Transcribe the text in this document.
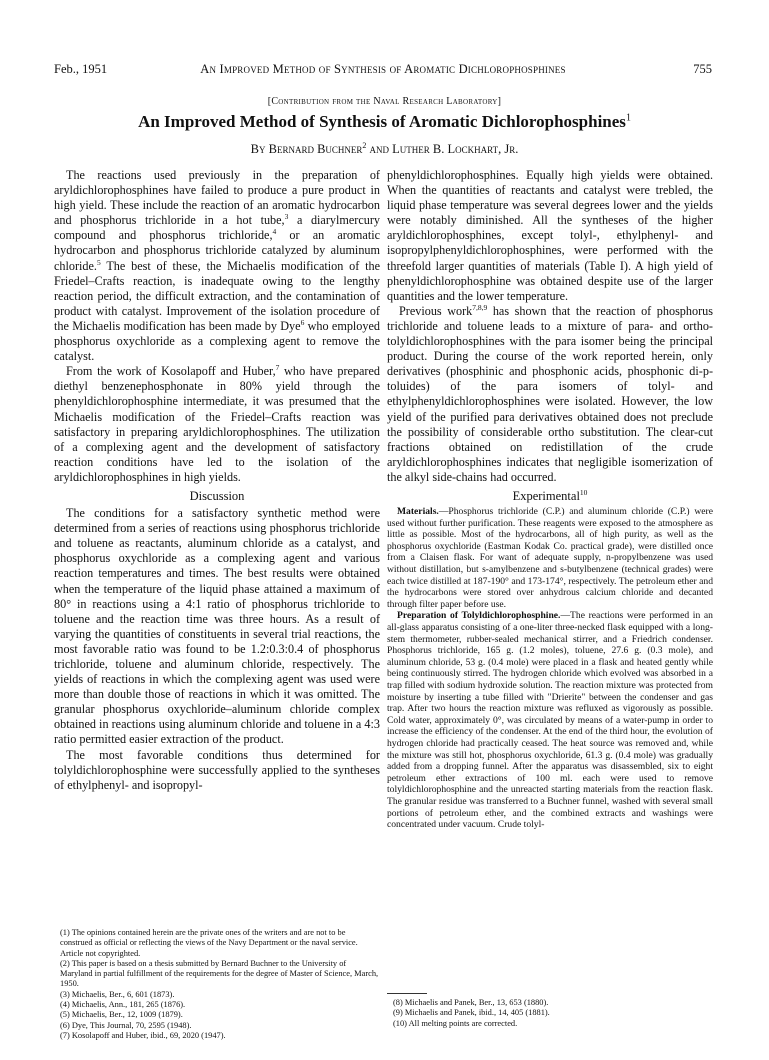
Feb., 1951	An Improved Method of Synthesis of Aromatic Dichlorophosphines	755
[Contribution from the Naval Research Laboratory]
An Improved Method of Synthesis of Aromatic Dichlorophosphines$^1$
By Bernard Buchner$^2$ and Luther B. Lockhart, Jr.

The reactions used previously in the preparation of aryldichlorophosphines have failed to produce a pure product in high yield. These include the reaction of an aromatic hydrocarbon and phosphorus trichloride in a hot tube,$^3$ a diarylmercury compound and phosphorus trichloride,$^4$ or an aromatic hydrocarbon and phosphorus trichloride catalyzed by aluminum chloride.$^5$ The best of these, the Michaelis modification of the Friedel–Crafts reaction, is inadequate owing to the lengthy reaction period, the difficult extraction, and the contamination of product with catalyst. Improvement of the isolation procedure of the Michaelis modification has been made by Dye$^6$ who employed phosphorus oxychloride as a complexing agent to remove the catalyst.

From the work of Kosolapoff and Huber,$^7$ who have prepared diethyl benzenephosphonate in 80% yield through the phenyldichlorophosphine intermediate, it was presumed that the Michaelis modification of the Friedel–Crafts reaction was satisfactory in preparing aryldichlorophosphines. The utilization of a complexing agent and the development of satisfactory reaction conditions have led to the isolation of the aryldichlorophosphines in high yields.

Discussion

The conditions for a satisfactory synthetic method were determined from a series of reactions using phosphorus trichloride and toluene as reactants, aluminum chloride as a catalyst, and phosphorus oxychloride as a complexing agent and various reaction temperatures and times. The best results were obtained when the temperature of the liquid phase attained a maximum of 80° in reactions using a 4:1 ratio of phosphorus trichloride to toluene and the reaction time was three hours. As a result of varying the quantities of constituents in several trial reactions, the most favorable ratio was found to be 1.2:0.3:0.4 of phosphorus trichloride, toluene and aluminum chloride, respectively. The yields of reactions in which the complexing agent was used were more than double those of reactions in which it was omitted. The granular phosphorus oxychloride–aluminum chloride complex obtained in reactions using aluminum chloride and toluene in a 4:3 ratio permitted easier extraction of the product.

The most favorable conditions thus determined for tolyldichlorophosphine were successfully applied to the syntheses of ethylphenyl- and isopropyl-

(1) The opinions contained herein are the private ones of the writers and are not to be construed as official or reflecting the views of the Navy Department or the naval service. Article not copyrighted.
(2) This paper is based on a thesis submitted by Bernard Buchner to the University of Maryland in partial fulfillment of the requirements for the degree of Master of Science, March, 1950.
(3) Michaelis, Ber., 6, 601 (1873).
(4) Michaelis, Ann., 181, 265 (1876).
(5) Michaelis, Ber., 12, 1009 (1879).
(6) Dye, This Journal, 70, 2595 (1948).
(7) Kosolapoff and Huber, ibid., 69, 2020 (1947).

phenyldichlorophosphines. Equally high yields were obtained. When the quantities of reactants and catalyst were trebled, the liquid phase temperature was several degrees lower and the yields were notably diminished. All the syntheses of the higher aryldichlorophosphines, except tolyl-, ethylphenyl- and isopropylphenyldichlorophosphines, were performed with the threefold larger quantities of materials (Table I). A high yield of phenyldichlorophosphine was obtained despite use of the larger quantities and the lower temperature.

Previous work$^{7,8,9}$ has shown that the reaction of phosphorus trichloride and toluene leads to a mixture of para- and ortho-tolyldichlorophosphines with the para isomer being the principal product. During the course of the work reported herein, only derivatives (phosphinic and phosphonic acids, phosphonic di-p-toluides) of the para isomers of tolyl- and ethylphenyldichlorophosphines were isolated. However, the low yield of the purified para derivatives obtained does not preclude the possibility of considerable ortho substitution. The clear-cut fractions obtained on redistillation of the crude aryldichlorophosphines indicates that negligible isomerization of the alkyl side-chains had occurred.

Experimental$^{10}$

Materials.—Phosphorus trichloride (C.P.) and aluminum chloride (C.P.) were used without further purification. These reagents were exposed to the atmosphere as little as possible. Most of the hydrocarbons, all of high purity, as well as the phosphorus oxychloride (Eastman Kodak Co. practical grade), were distilled once from a Claisen flask. For want of adequate supply, n-propylbenzene was used without distillation, but s-amylbenzene and s-butylbenzene (technical grades) were each twice distilled at 187-190° and 173-174°, respectively. The petroleum ether and the hydrocarbons were stored over anhydrous calcium chloride and decanted through filter paper before use.

Preparation of Tolyldichlorophosphine.—The reactions were performed in an all-glass apparatus consisting of a one-liter three-necked flask equipped with a long-stem thermometer, rubber-sealed mechanical stirrer, and a Friedrich condenser. Phosphorus trichloride, 165 g. (1.2 moles), toluene, 27.6 g. (0.3 mole), and aluminum chloride, 53 g. (0.4 mole) were placed in a flask and heated gently while being continuously stirred. The hydrogen chloride which evolved was absorbed in a trap filled with sodium hydroxide solution. The reaction mixture was protected from moisture by inserting a tube filled with "Drierite" between the condenser and gas trap. After two hours the reaction mixture was refluxed as vigorously as possible. Cold water, approximately 0°, was circulated by means of a water-pump in order to increase the efficiency of the condenser. At the end of the third hour, the evolution of hydrogen chloride had practically ceased. The heat source was removed and, while the mixture was still hot, phosphorus oxychloride, 61.3 g. (0.4 mole) was gradually added from a dropping funnel. After the apparatus was disassembled, six to eight petroleum ether extractions of 100 ml. each were used to remove tolyldichlorophosphine and the unreacted starting materials from the reaction flask. The granular residue was transferred to a Buchner funnel, washed with several small portions of petroleum ether, and the combined extracts and washings were concentrated under vacuum. Crude tolyl-

(8) Michaelis and Panek, Ber., 13, 653 (1880).
(9) Michaelis and Panek, ibid., 14, 405 (1881).
(10) All melting points are corrected.
